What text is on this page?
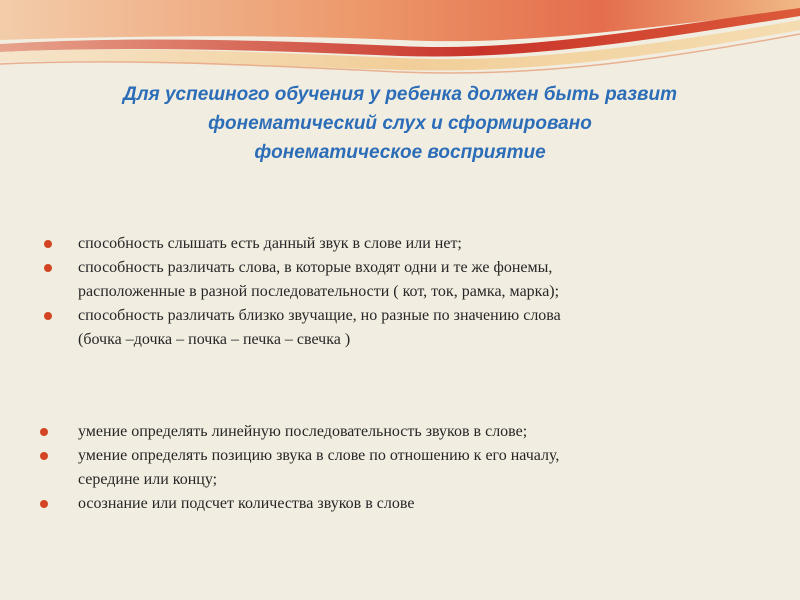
Для успешного обучения у ребенка должен быть развит
фонематический слух и сформировано
фонематическое восприятие
способность слышать есть данный звук в слове или нет;
способность различать слова, в которые входят одни и те же фонемы,
расположенные в разной последовательности ( кот, ток, рамка, марка);
способность различать близко звучащие, но разные по значению слова
(бочка –дочка – почка – печка – свечка )
умение определять линейную последовательность звуков в слове;
умение определять позицию звука в слове по отношению к его началу,
середине или концу;
осознание или подсчет количества звуков в слове
